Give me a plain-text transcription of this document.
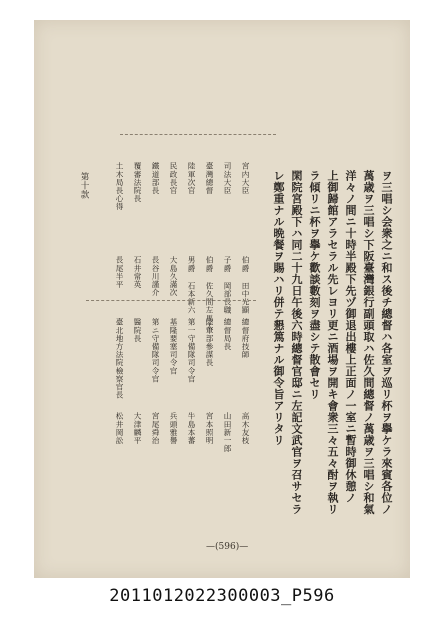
ヲ三唱シ会衆之ニ和ス後チ總督ハ各室ヲ巡リ杯ヲ擧ケラ來賓各位ノ
萬歳ヲ三唱シ下阪臺灣銀行副頭取ハ佐久間總督ノ萬歳ヲ三唱シ和氣
洋々ノ間ニ十時半殿下先ヅ御退出樓上正面ノ一室ニ暫時御休憩ノ
上御歸館アラセラル先レヨリ更ニ酒場ヲ開キ會衆三々五々酎ヲ執リ
ラ傾リニ杯ヲ擧ケ歡談數刻ヲ盡シテ散會セリ
閑院宮殿下ハ同二十九日午後六時總督官邸ニ左記文武官ヲ召サセラ
レ鄭重ナル晩餐ヲ賜ハリ併テ懇篤ナル御令旨アリタリ
宮内大臣
伯爵 田中光顯
司法大臣
子爵 岡部長職
臺灣總督
伯爵 佐久間左馬太
陸軍次官
男爵 石本新六
民政長官
大島久滿次
長谷川謹介
鐵道部長
覆審法院長
石井常英
土木局長心得
長尾半平
第十款
總督府技師
總督局長
陸軍部參謀長
第一守備隊司令官
基隆要塞司令官
第ニ守備隊司令官
高木友枝
山田新一郎
宮本照明
牛島本蕃
兵頭雅譽
宮尾舜治
大津麟平
松井岡訟
醫院長
臺北地方法院檢察官長
—(596)—
2011012022300003_P596
